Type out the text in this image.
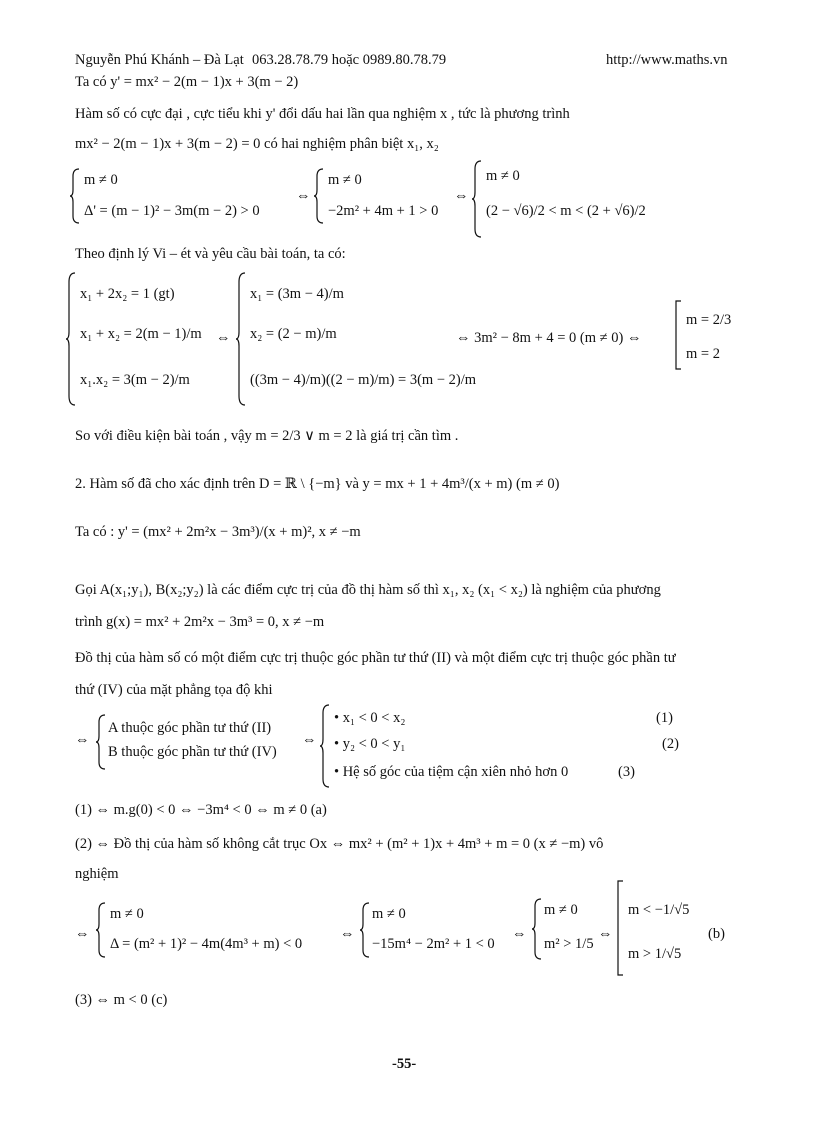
Nguyễn Phú Khánh – Đà Lạt 063.28.78.79 hoặc 0989.80.78.79	http://www.maths.vn
Ta có y' = mx² − 2(m − 1)x + 3(m − 2)
Hàm số có cực đại , cực tiểu khi y' đổi dấu hai lần qua nghiệm x , tức là phương trình
mx² − 2(m − 1)x + 3(m − 2) = 0 có hai nghiệm phân biệt x₁, x₂
m ≠ 0
Δ' = (m − 1)² − 3m(m − 2) > 0
⇔
m ≠ 0
−2m² + 4m + 1 > 0
⇔
m ≠ 0
(2 − √6)/2 < m < (2 + √6)/2
Theo định lý Vi – ét và yêu cầu bài toán, ta có:
x₁ + 2x₂ = 1 (gt)
x₁ + x₂ = 2(m − 1)/m
x₁.x₂ = 3(m − 2)/m
⇔
x₁ = (3m − 4)/m
x₂ = (2 − m)/m
((3m − 4)/m)((2 − m)/m) = 3(m − 2)/m
⇔ 3m² − 8m + 4 = 0 (m ≠ 0) ⇔
m = 2/3
m = 2
So với điều kiện bài toán , vậy m = 2/3 ∨ m = 2 là giá trị cần tìm .
2. Hàm số đã cho xác định trên D = ℝ \ {−m} và y = mx + 1 + 4m³/(x + m) (m ≠ 0)
Ta có : y' = (mx² + 2m²x − 3m³)/(x + m)², x ≠ −m
Gọi A(x₁;y₁), B(x₂;y₂) là các điểm cực trị của đồ thị hàm số thì x₁, x₂ (x₁ < x₂) là nghiệm của phương
trình g(x) = mx² + 2m²x − 3m³ = 0, x ≠ −m
Đồ thị của hàm số có một điểm cực trị thuộc góc phần tư thứ (II) và một điểm cực trị thuộc góc phần tư
thứ (IV) của mặt phẳng tọa độ khi
⇔
A thuộc góc phần tư thứ (II)
B thuộc góc phần tư thứ (IV)
⇔
• x₁ < 0 < x₂
• y₂ < 0 < y₁
• Hệ số góc của tiệm cận xiên nhỏ hơn 0
(1)
(2)
(3)
(1) ⇔ m.g(0) < 0 ⇔ −3m⁴ < 0 ⇔ m ≠ 0 (a)
(2) ⇔ Đồ thị của hàm số không cắt trục Ox ⇔ mx² + (m² + 1)x + 4m³ + m = 0 (x ≠ −m) vô
nghiệm
⇔
m ≠ 0
Δ = (m² + 1)² − 4m(4m³ + m) < 0
⇔
m ≠ 0
−15m⁴ − 2m² + 1 < 0
⇔
m ≠ 0
m² > 1/5
⇔
m < −1/√5
m > 1/√5
(b)
(3) ⇔ m < 0 (c)
-55-
